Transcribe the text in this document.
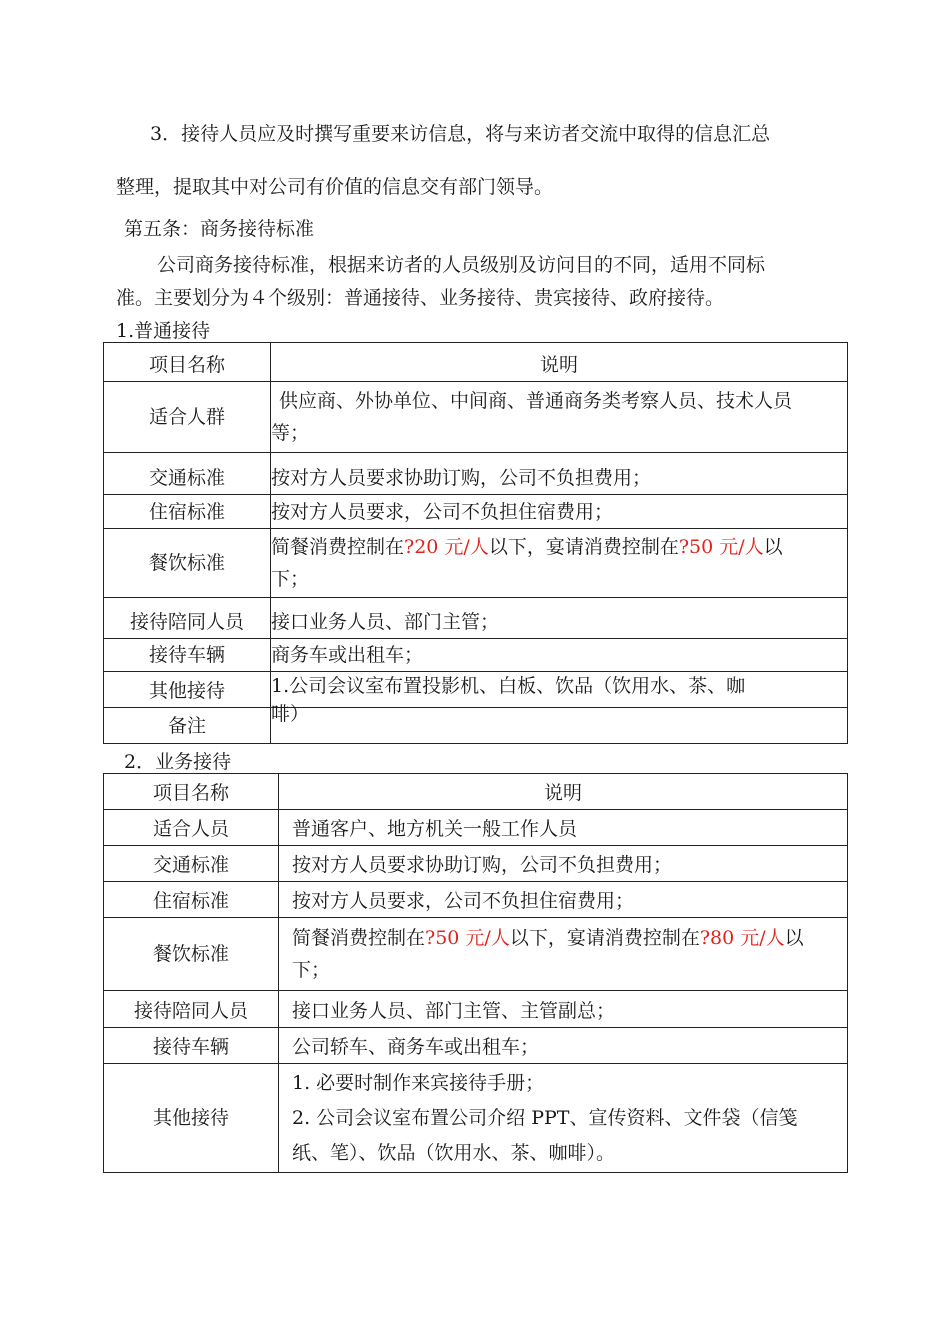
3．接待人员应及时撰写重要来访信息，将与来访者交流中取得的信息汇总
整理，提取其中对公司有价值的信息交有部门领导。
第五条：商务接待标准
公司商务接待标准，根据来访者的人员级别及访问目的不同，适用不同标
准。主要划分为４个级别：普通接待、业务接待、贵宾接待、政府接待。
1.普通接待
项目名称	说明
适合人群	供应商、外协单位、中间商、普通商务类考察人员、技术人员
等；

交通标准	按对方人员要求协助订购，公司不负担费用；
住宿标准	按对方人员要求，公司不负担住宿费用；
餐饮标准	简餐消费控制在?20 元/人以下，宴请消费控制在?50 元/人以
下；

接待陪同人员	接口业务人员、部门主管；
接待车辆	商务车或出租车；
其他接待	1.公司会议室布置投影机、白板、饮品（饮用水、茶、咖
啡）

备注	
2．业务接待
项目名称	说明
适合人员	普通客户、地方机关一般工作人员
交通标准	按对方人员要求协助订购，公司不负担费用；
住宿标准	按对方人员要求，公司不负担住宿费用；
餐饮标准	简餐消费控制在?50 元/人以下，宴请消费控制在?80 元/人以
下；

接待陪同人员	接口业务人员、部门主管、主管副总；
接待车辆	公司轿车、商务车或出租车；
其他接待	1. 必要时制作来宾接待手册；
2. 公司会议室布置公司介绍 PPT、宣传资料、文件袋（信笺
纸、笔）、饮品（饮用水、茶、咖啡）。
